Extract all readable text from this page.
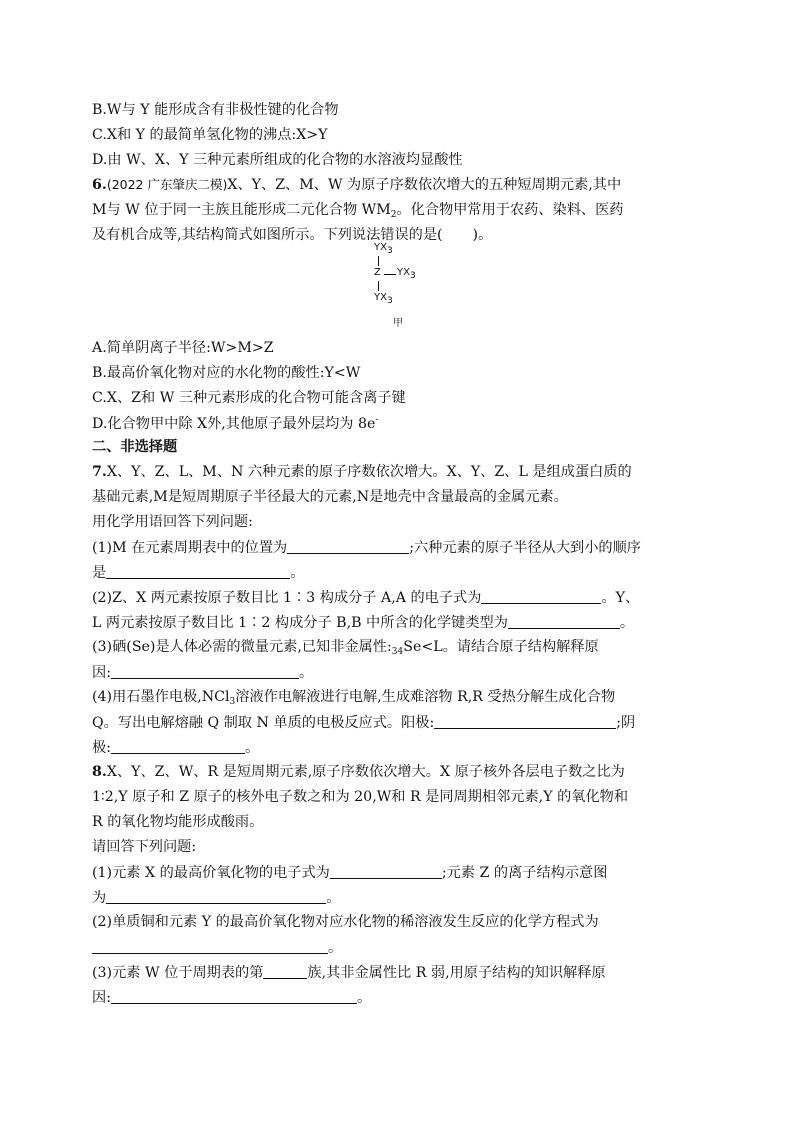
B.W与 Y 能形成含有非极性键的化合物
C.X和 Y 的最简单氢化物的沸点:X>Y
D.由 W、X、Y 三种元素所组成的化合物的水溶液均显酸性
6.(2022 广东肇庆二模)X、Y、Z、M、W 为原子序数依次增大的五种短周期元素,其中
M与 W 位于同一主族且能形成二元化合物 $WM_2$。化合物甲常用于农药、染料、医药
及有机合成等,其结构简式如图所示。下列说法错误的是( )。
$YX_3$
Z $YX_3$
$YX_3$
甲
A.简单阴离子半径:W>M>Z
B.最高价氧化物对应的水化物的酸性:Y<W
C.X、Z和 W 三种元素形成的化合物可能含离子键
D.化合物甲中除 X外,其他原子最外层均为 8e-
二、非选择题
7.X、Y、Z、L、M、N 六种元素的原子序数依次增大。X、Y、Z、L 是组成蛋白质的
基础元素,M是短周期原子半径最大的元素,N是地壳中含量最高的金属元素。
用化学用语回答下列问题:
(1)M 在元素周期表中的位置为	;六种元素的原子半径从大到小的顺序
是	。
(2)Z、X 两元素按原子数目比 1∶3 构成分子 A,A 的电子式为	。Y、
L 两元素按原子数目比 1∶2 构成分子 B,B 中所含的化学键类型为	。
(3)硒(Se)是人体必需的微量元素,已知非金属性$:_{34}Se<L$。请结合原子结构解释原
因:	。
(4)用石墨作电极,NCl$_3$溶液作电解液进行电解,生成难溶物 R,R 受热分解生成化合物
Q。写出电解熔融 Q 制取 N 单质的电极反应式。阳极:	;阴
极:	。
8.X、Y、Z、W、R 是短周期元素,原子序数依次增大。X 原子核外各层电子数之比为
1∶2,Y 原子和 Z 原子的核外电子数之和为 20,W和 R 是同周期相邻元素,Y 的氧化物和
R 的氧化物均能形成酸雨。
请回答下列问题:
(1)元素 X 的最高价氧化物的电子式为	;元素 Z 的离子结构示意图
为	。
(2)单质铜和元素 Y 的最高价氧化物对应水化物的稀溶液发生反应的化学方程式为
。
(3)元素 W 位于周期表的第	族,其非金属性比 R 弱,用原子结构的知识解释原
因:	。
